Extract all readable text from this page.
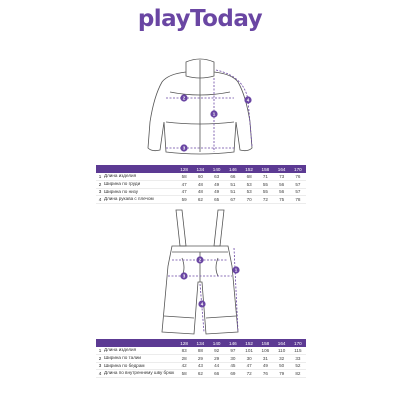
playToday
1
2
3
4
		128	134	140	146	152	158	164	170
1	Длина изделия	58	60	63	66	68	71	73	76
2	Ширина по груди	47	48	49	51	53	55	56	57
3	Ширина по низу	47	48	49	51	53	55	56	57
4	Длина рукава с плечом	59	62	65	67	70	72	75	78
1
2
3
4
		128	134	140	146	152	158	164	170
1	Длина изделия	83	88	92	97	101	106	110	115
2	Ширина по талии	28	29	29	30	30	31	32	33
3	Ширина по бедрам	42	43	44	45	47	49	50	52
4	Длина по внутреннему шву брюк	58	62	66	69	72	76	79	82
